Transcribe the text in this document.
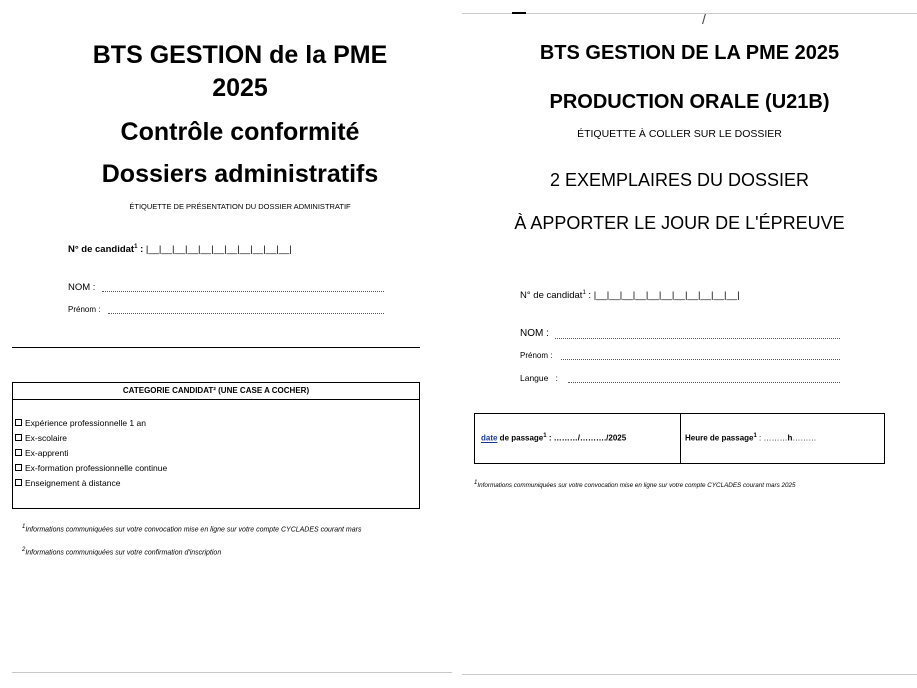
BTS GESTION de la PME
2025
Contrôle conformité
Dossiers administratifs
ÉTIQUETTE DE PRÉSENTATION DU DOSSIER ADMINISTRATIF
N° de candidat$^1$ : |__|__|__|__|__|__|__|__|__|__|__|
NOM :
Prénom :
CATEGORIE CANDIDAT² (UNE CASE A COCHER)
Expérience professionnelle 1 an
Ex-scolaire
Ex-apprenti
Ex-formation professionnelle continue
Enseignement à distance
$^1$Informations communiquées sur votre convocation mise en ligne sur votre compte CYCLADES courant mars
$^2$Informations communiquées sur votre confirmation d'inscription
/
BTS GESTION DE LA PME 2025
PRODUCTION ORALE (U21B)
ÉTIQUETTE À COLLER SUR LE DOSSIER
2 EXEMPLAIRES DU DOSSIER
À APPORTER LE JOUR DE L'ÉPREUVE
N° de candidat$^1$ : |__|__|__|__|__|__|__|__|__|__|__|
NOM :
Prénom :
Langue   :
date de passage$^1$ : ………/………./2025	Heure de passage$^1$ : ………h………
$^1$Informations communiquées sur votre convocation mise en ligne sur votre compte CYCLADES courant mars 2025
